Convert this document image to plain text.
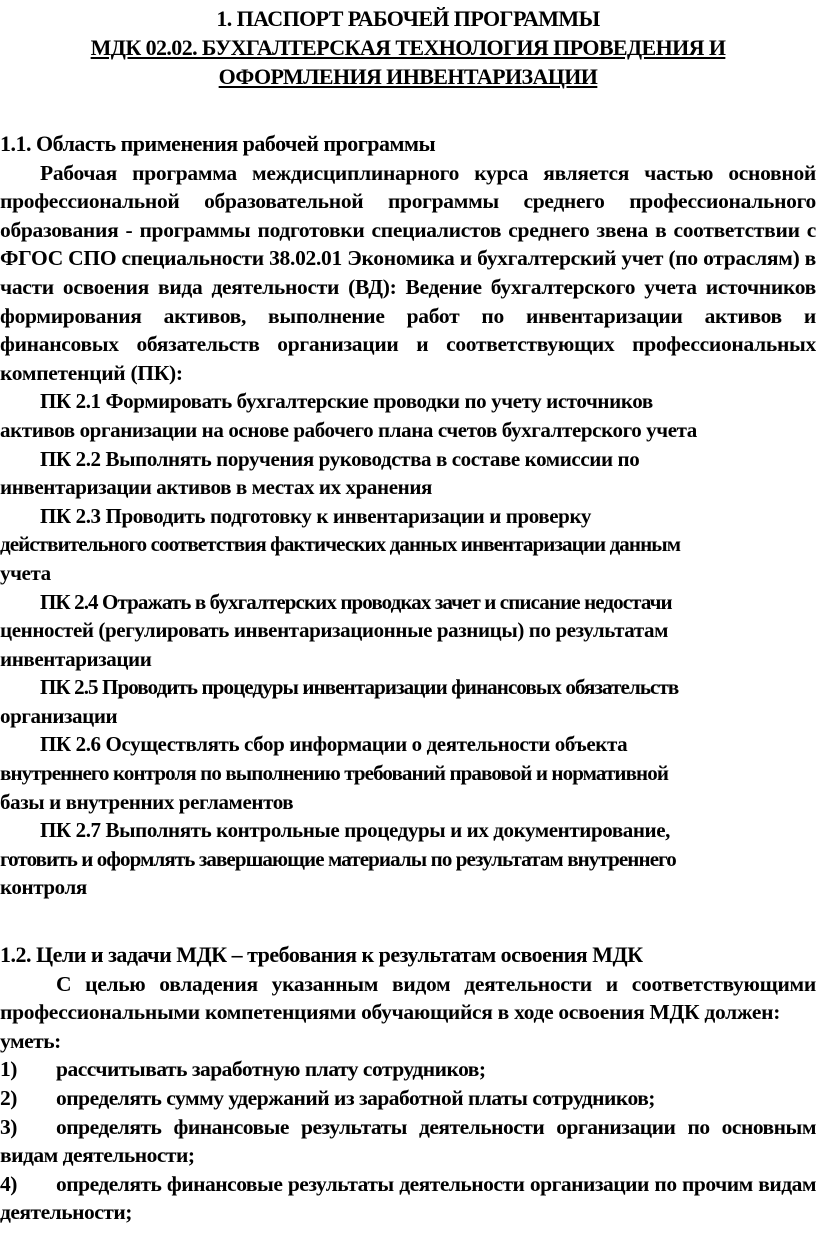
1. ПАСПОРТ РАБОЧЕЙ ПРОГРАММЫ
МДК 02.02. БУХГАЛТЕРСКАЯ ТЕХНОЛОГИЯ ПРОВЕДЕНИЯ И
ОФОРМЛЕНИЯ ИНВЕНТАРИЗАЦИИ

1.1. Область применения рабочей программы

Рабочая программа междисциплинарного курса является частью основной профессиональной образовательной программы среднего профессионального образования - программы подготовки специалистов среднего звена в соответствии с ФГОС СПО специальности 38.02.01 Экономика и бухгалтерский учет (по отраслям) в части освоения вида деятельности (ВД): Ведение бухгалтерского учета источников формирования активов, выполнение работ по инвентаризации активов и финансовых обязательств организации и соответствующих профессиональных компетенций (ПК):

ПК 2.1 Формировать бухгалтерские проводки по учету источников
активов организации на основе рабочего плана счетов бухгалтерского учета

ПК 2.2 Выполнять поручения руководства в составе комиссии по
инвентаризации активов в местах их хранения

ПК 2.3 Проводить подготовку к инвентаризации и проверку
действительного соответствия фактических данных инвентаризации данным
учета

ПК 2.4 Отражать в бухгалтерских проводках зачет и списание недостачи
ценностей (регулировать инвентаризационные разницы) по результатам
инвентаризации

ПК 2.5 Проводить процедуры инвентаризации финансовых обязательств
организации

ПК 2.6 Осуществлять сбор информации о деятельности объекта
внутреннего контроля по выполнению требований правовой и нормативной
базы и внутренних регламентов

ПК 2.7 Выполнять контрольные процедуры и их документирование,
готовить и оформлять завершающие материалы по результатам внутреннего
контроля

1.2. Цели и задачи МДК – требования к результатам освоения МДК

С целью овладения указанным видом деятельности и соответствующими профессиональными компетенциями обучающийся в ходе освоения МДК должен:

уметь:

1) рассчитывать заработную плату сотрудников;

2) определять сумму удержаний из заработной платы сотрудников;

3) определять финансовые результаты деятельности организации по основным видам деятельности;

4) определять финансовые результаты деятельности организации по прочим видам деятельности;
